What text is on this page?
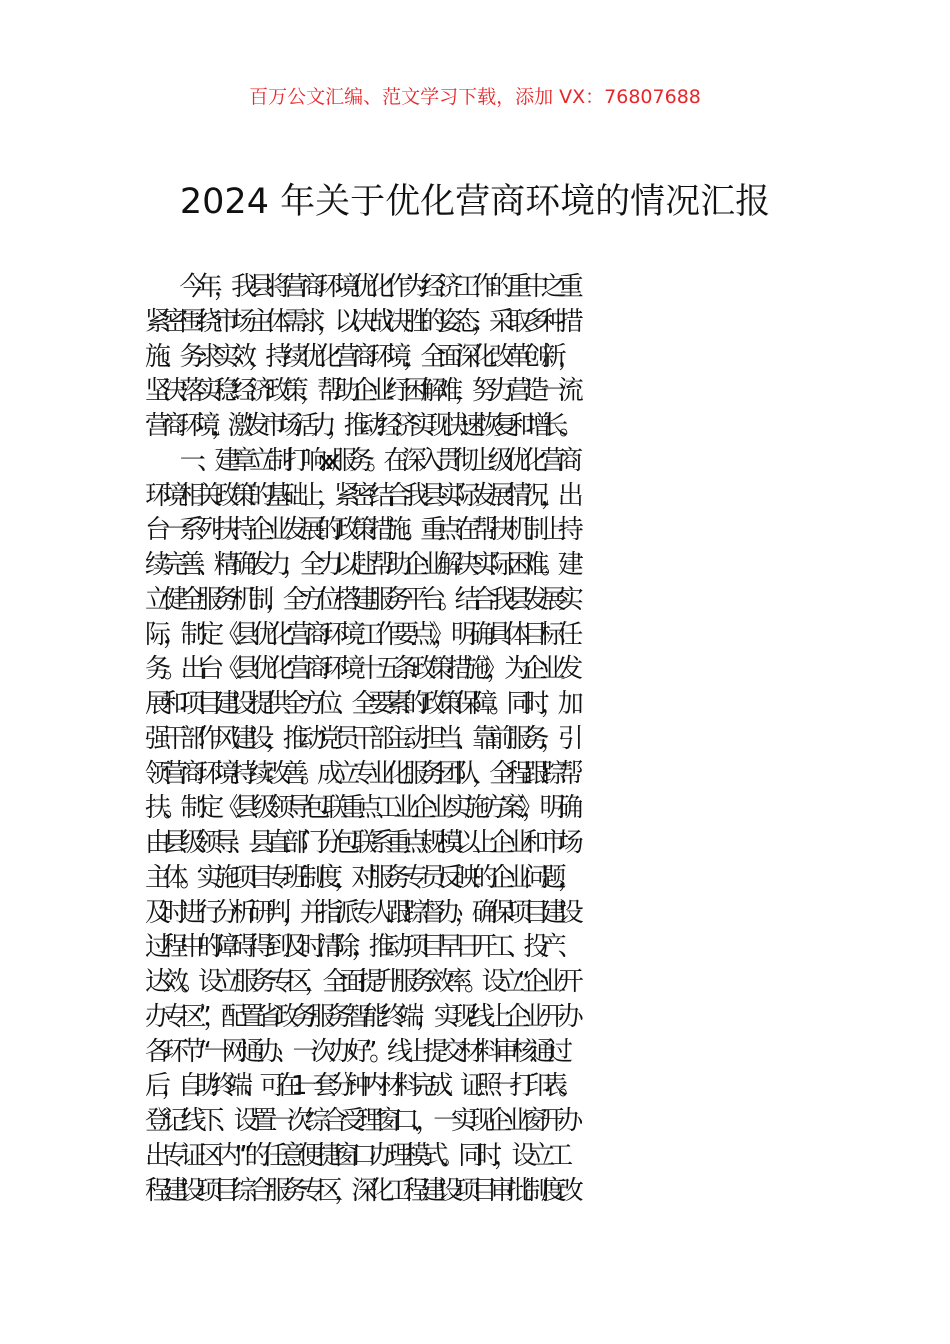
百万公文汇编、范文学习下载，添加 VX：76807688
2024 年关于优化营商环境的情况汇报
　　今年，我县将营商环境优化作为经济工作的重中之重
紧密围绕市场主体需求，以决战决胜的姿态，采取多种措
施、务求实效，持续优化营商环境，全面深化改革创新，
坚决落实稳经济政策，帮助企业纾困解难，努力营造一流
营商环境，激发市场活力，推动经济实现快速恢复和增长。
　　一、建章立制打响 xx 服务。在深入贯彻上级优化营商
环境相关政策的基础上，紧密结合我县实际发展情况，出
台一系列扶持企业发展的政策措施。重点在帮扶机制上持
续完善、精确发力，全力以赴帮助企业解决实际困难。建
立健全服务机制，全方位搭建服务平台。结合我县发展实
际，制定《县优化营商环境工作要点》，明确具体目标任
务。出台《县优化营商环境十五条政策措施》，为企业发
展和项目建设提供全方位、全要素的政策保障。同时，加
强干部作风建设，推动党员干部主动担当、靠前服务，引
领营商环境持续改善。成立专业化服务团队，全程跟踪帮
扶。制定《县级领导包联重点工业企业实施方案》，明确
由县级领导、县直部门分包联系重点规模以上企业和市场
主体。实施项目专班制度，对服务专员反映的企业问题，
及时进行分析研判，并指派专人跟踪督办，确保项目建设
过程中的障碍得到及时清除，推动项目早日开工、投产、
达效。设立服务专区，全面提升服务效率。设立“企业开
办专区”，配置省政务服务智能终端，实现线上企业开办
各环节“一网通办、一次办好”。线上提交材料审核通过
后，自助终端、可在 1 一套分钟内材料完成、证照一打印表。
登记线下、设置一次综合受理窗口、，一实现企业窗开办
出专证区内”“的任意便捷窗口办理模式。同时，设立工
程建设项目综合服务专区，深化工程建设项目审批制度改
